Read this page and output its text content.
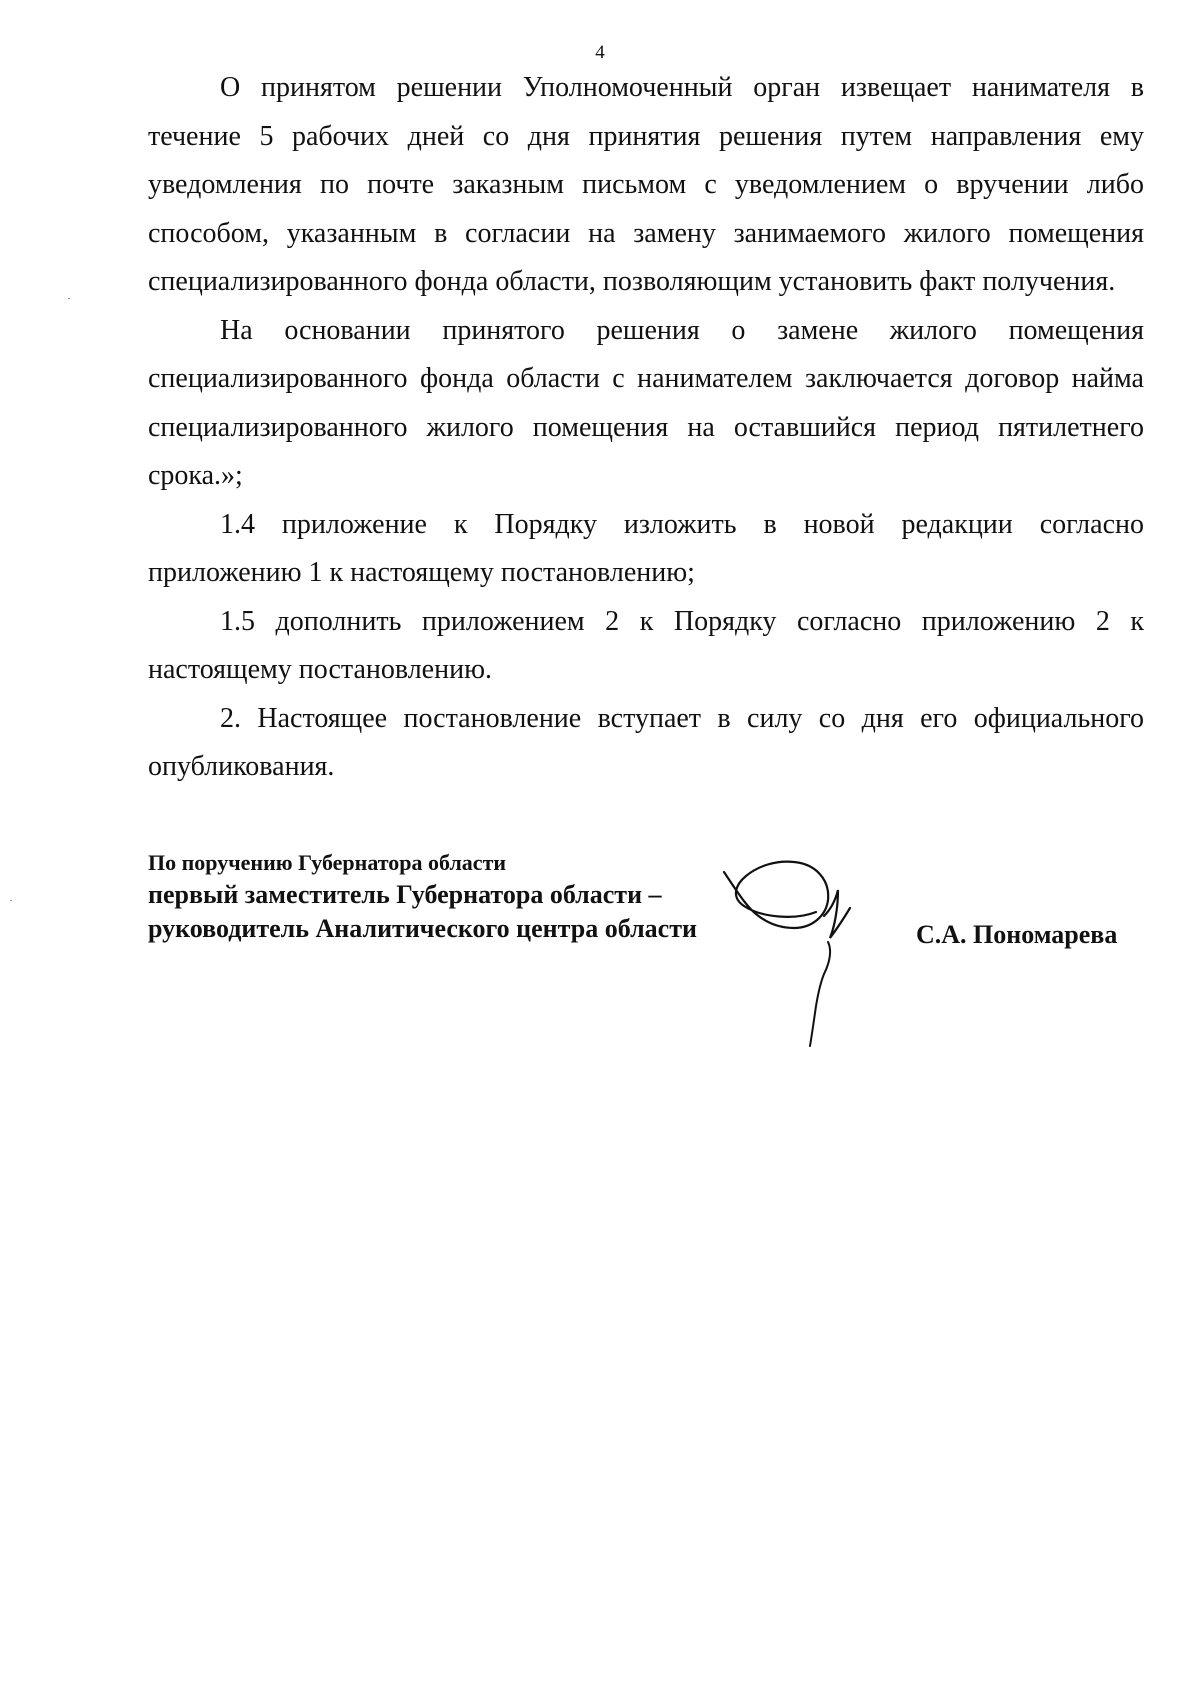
4

О принятом решении Уполномоченный орган извещает нанимателя в течение 5 рабочих дней со дня принятия решения путем направления ему уведомления по почте заказным письмом с уведомлением о вручении либо способом, указанным в согласии на замену занимаемого жилого помещения специализированного фонда области, позволяющим установить факт получения.

На основании принятого решения о замене жилого помещения специализированного фонда области с нанимателем заключается договор найма специализированного жилого помещения на оставшийся период пятилетнего срока.»;

1.4 приложение к Порядку изложить в новой редакции согласно приложению 1 к настоящему постановлению;

1.5 дополнить приложением 2 к Порядку согласно приложению 2 к настоящему постановлению.

2. Настоящее постановление вступает в силу со дня его официального опубликования.

По поручению Губернатора области
первый заместитель Губернатора области –
руководитель Аналитического центра области	С.А. Пономарева
